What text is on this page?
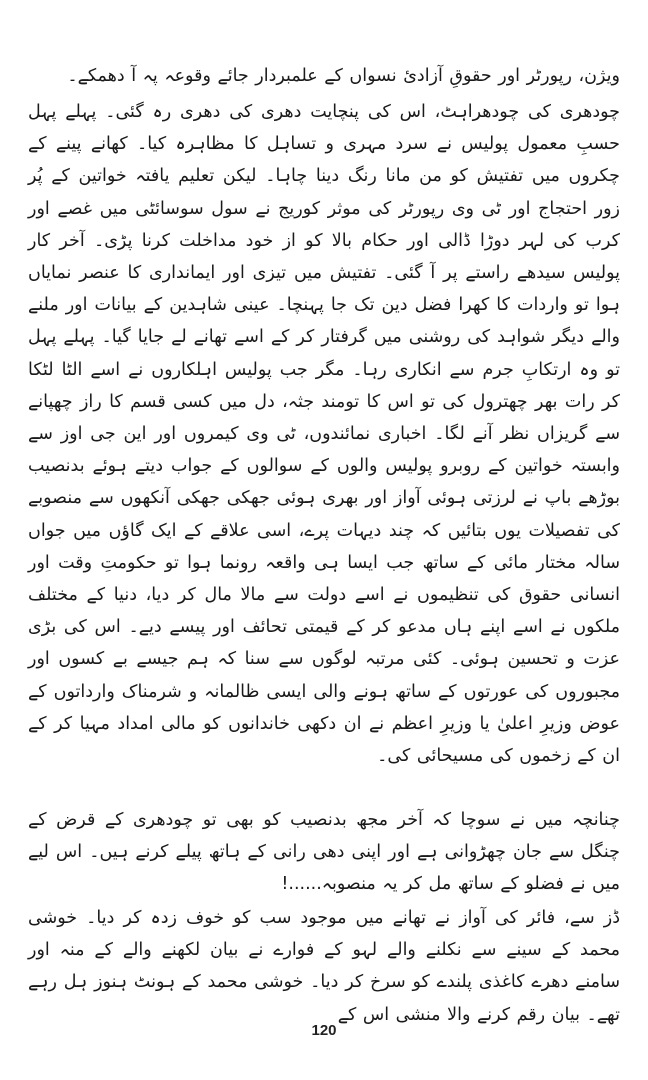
ویژن، رپورٹر اور حقوقِ آزادیٔ نسواں کے علمبردار جائے وقوعہ پہ آ دھمکے۔

چودھری کی چودھراہٹ، اس کی پنچایت دھری کی دھری رہ گئی۔ پہلے پہل حسبِ معمول پولیس نے سرد مہری و تساہل کا مظاہرہ کیا۔ کھانے پینے کے چکروں میں تفتیش کو من مانا رنگ دینا چاہا۔ لیکن تعلیم یافتہ خواتین کے پُر زور احتجاج اور ٹی وی رپورٹر کی موثر کوریج نے سول سوسائٹی میں غصے اور کرب کی لہر دوڑا ڈالی اور حکام بالا کو از خود مداخلت کرنا پڑی۔ آخر کار پولیس سیدھے راستے پر آ گئی۔ تفتیش میں تیزی اور ایمانداری کا عنصر نمایاں ہوا تو واردات کا کھرا فضل دین تک جا پہنچا۔ عینی شاہدین کے بیانات اور ملنے والے دیگر شواہد کی روشنی میں گرفتار کر کے اسے تھانے لے جایا گیا۔ پہلے پہل تو وہ ارتکابِ جرم سے انکاری رہا۔ مگر جب پولیس اہلکاروں نے اسے الٹا لٹکا کر رات بھر چھترول کی تو اس کا تومند جثہ، دل میں کسی قسم کا راز چھپانے سے گریزاں نظر آنے لگا۔ اخباری نمائندوں، ٹی وی کیمروں اور این جی اوز سے وابستہ خواتین کے روبرو پولیس والوں کے سوالوں کے جواب دیتے ہوئے بدنصیب بوڑھے باپ نے لرزتی ہوئی آواز اور بھری ہوئی جھکی جھکی آنکھوں سے منصوبے کی تفصیلات یوں بتائیں کہ چند دیہات پرے، اسی علاقے کے ایک گاؤں میں جواں سالہ مختار مائی کے ساتھ جب ایسا ہی واقعہ رونما ہوا تو حکومتِ وقت اور انسانی حقوق کی تنظیموں نے اسے دولت سے مالا مال کر دیا، دنیا کے مختلف ملکوں نے اسے اپنے ہاں مدعو کر کے قیمتی تحائف اور پیسے دیے۔ اس کی بڑی عزت و تحسین ہوئی۔ کئی مرتبہ لوگوں سے سنا کہ ہم جیسے بے کسوں اور مجبوروں کی عورتوں کے ساتھ ہونے والی ایسی ظالمانہ و شرمناک وارداتوں کے عوض وزیرِ اعلیٰ یا وزیرِ اعظم نے ان دکھی خاندانوں کو مالی امداد مہیا کر کے ان کے زخموں کی مسیحائی کی۔

چنانچہ میں نے سوچا کہ آخر مجھ بدنصیب کو بھی تو چودھری کے قرض کے چنگل سے جان چھڑوانی ہے اور اپنی دھی رانی کے ہاتھ پیلے کرنے ہیں۔ اس لیے میں نے فضلو کے ساتھ مل کر یہ منصوبہ......!

ڈز سے، فائر کی آواز نے تھانے میں موجود سب کو خوف زدہ کر دیا۔ خوشی محمد کے سینے سے نکلنے والے لہو کے فوارے نے بیان لکھنے والے کے منہ اور سامنے دھرے کاغذی پلندے کو سرخ کر دیا۔ خوشی محمد کے ہونٹ ہنوز ہل رہے تھے۔ بیان رقم کرنے والا منشی اس کے

120
